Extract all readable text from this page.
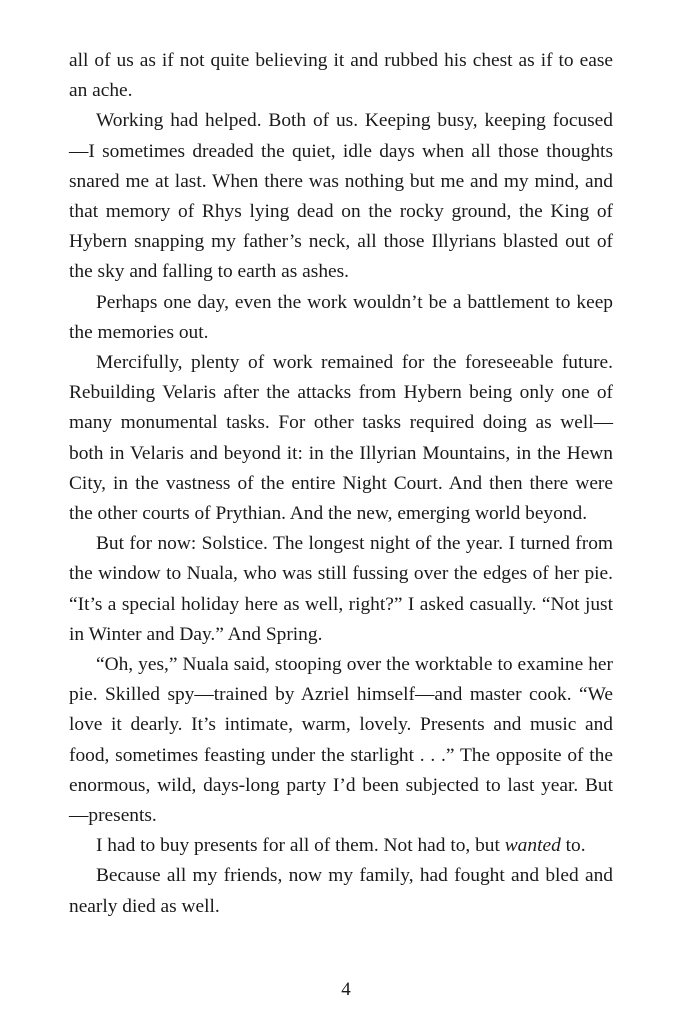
all of us as if not quite believing it and rubbed his chest as if to ease an ache.

Working had helped. Both of us. Keeping busy, keeping focused—I sometimes dreaded the quiet, idle days when all those thoughts snared me at last. When there was nothing but me and my mind, and that memory of Rhys lying dead on the rocky ground, the King of Hybern snapping my father’s neck, all those Illyrians blasted out of the sky and falling to earth as ashes.

Perhaps one day, even the work wouldn’t be a battlement to keep the memories out.

Mercifully, plenty of work remained for the foreseeable future. Rebuilding Velaris after the attacks from Hybern being only one of many monumental tasks. For other tasks required doing as well—both in Velaris and beyond it: in the Illyrian Mountains, in the Hewn City, in the vastness of the entire Night Court. And then there were the other courts of Prythian. And the new, emerging world beyond.

But for now: Solstice. The longest night of the year. I turned from the window to Nuala, who was still fussing over the edges of her pie. “It’s a special holiday here as well, right?” I asked casually. “Not just in Winter and Day.” And Spring.

“Oh, yes,” Nuala said, stooping over the worktable to examine her pie. Skilled spy—trained by Azriel himself—and master cook. “We love it dearly. It’s intimate, warm, lovely. Presents and music and food, sometimes feasting under the starlight . . .” The opposite of the enormous, wild, days-long party I’d been subjected to last year. But—presents.

I had to buy presents for all of them. Not had to, but wanted to.

Because all my friends, now my family, had fought and bled and nearly died as well.

4
